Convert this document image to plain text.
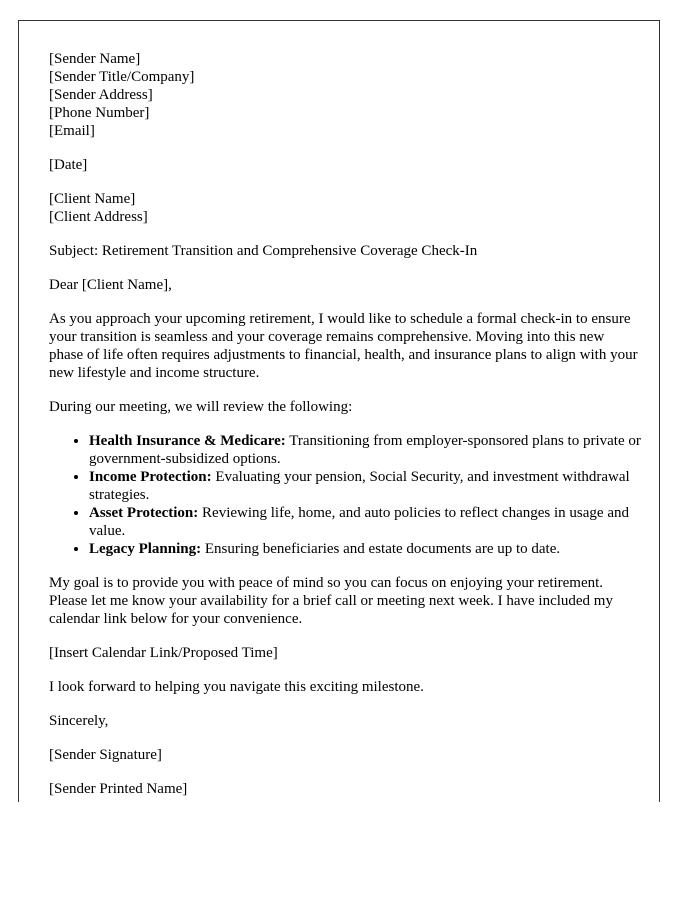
[Sender Name]
[Sender Title/Company]
[Sender Address]
[Phone Number]
[Email]

[Date]

[Client Name]
[Client Address]

Subject: Retirement Transition and Comprehensive Coverage Check-In

Dear [Client Name],

As you approach your upcoming retirement, I would like to schedule a formal check-in to ensure your transition is seamless and your coverage remains comprehensive. Moving into this new phase of life often requires adjustments to financial, health, and insurance plans to align with your new lifestyle and income structure.

During our meeting, we will review the following:

• Health Insurance & Medicare: Transitioning from employer-sponsored plans to private or government-subsidized options.
• Income Protection: Evaluating your pension, Social Security, and investment withdrawal strategies.
• Asset Protection: Reviewing life, home, and auto policies to reflect changes in usage and value.
• Legacy Planning: Ensuring beneficiaries and estate documents are up to date.

My goal is to provide you with peace of mind so you can focus on enjoying your retirement. Please let me know your availability for a brief call or meeting next week. I have included my calendar link below for your convenience.

[Insert Calendar Link/Proposed Time]

I look forward to helping you navigate this exciting milestone.

Sincerely,

[Sender Signature]

[Sender Printed Name]
